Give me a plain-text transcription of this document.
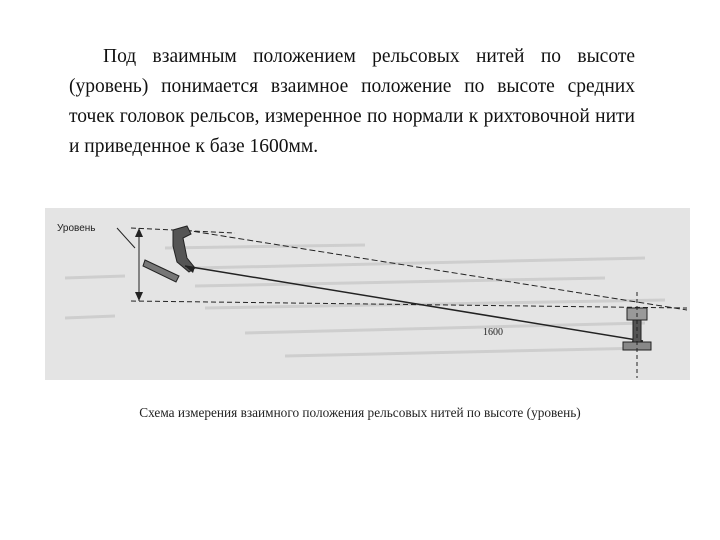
Под взаимным положением рельсовых нитей по высоте (уровень) понимается взаимное положение по высоте средних точек головок рельсов, измеренное по нормали к рихтовочной нити и приведенное к базе 1600мм.
Уровень
1600
Схема измерения взаимного положения рельсовых нитей по высоте (уровень)
